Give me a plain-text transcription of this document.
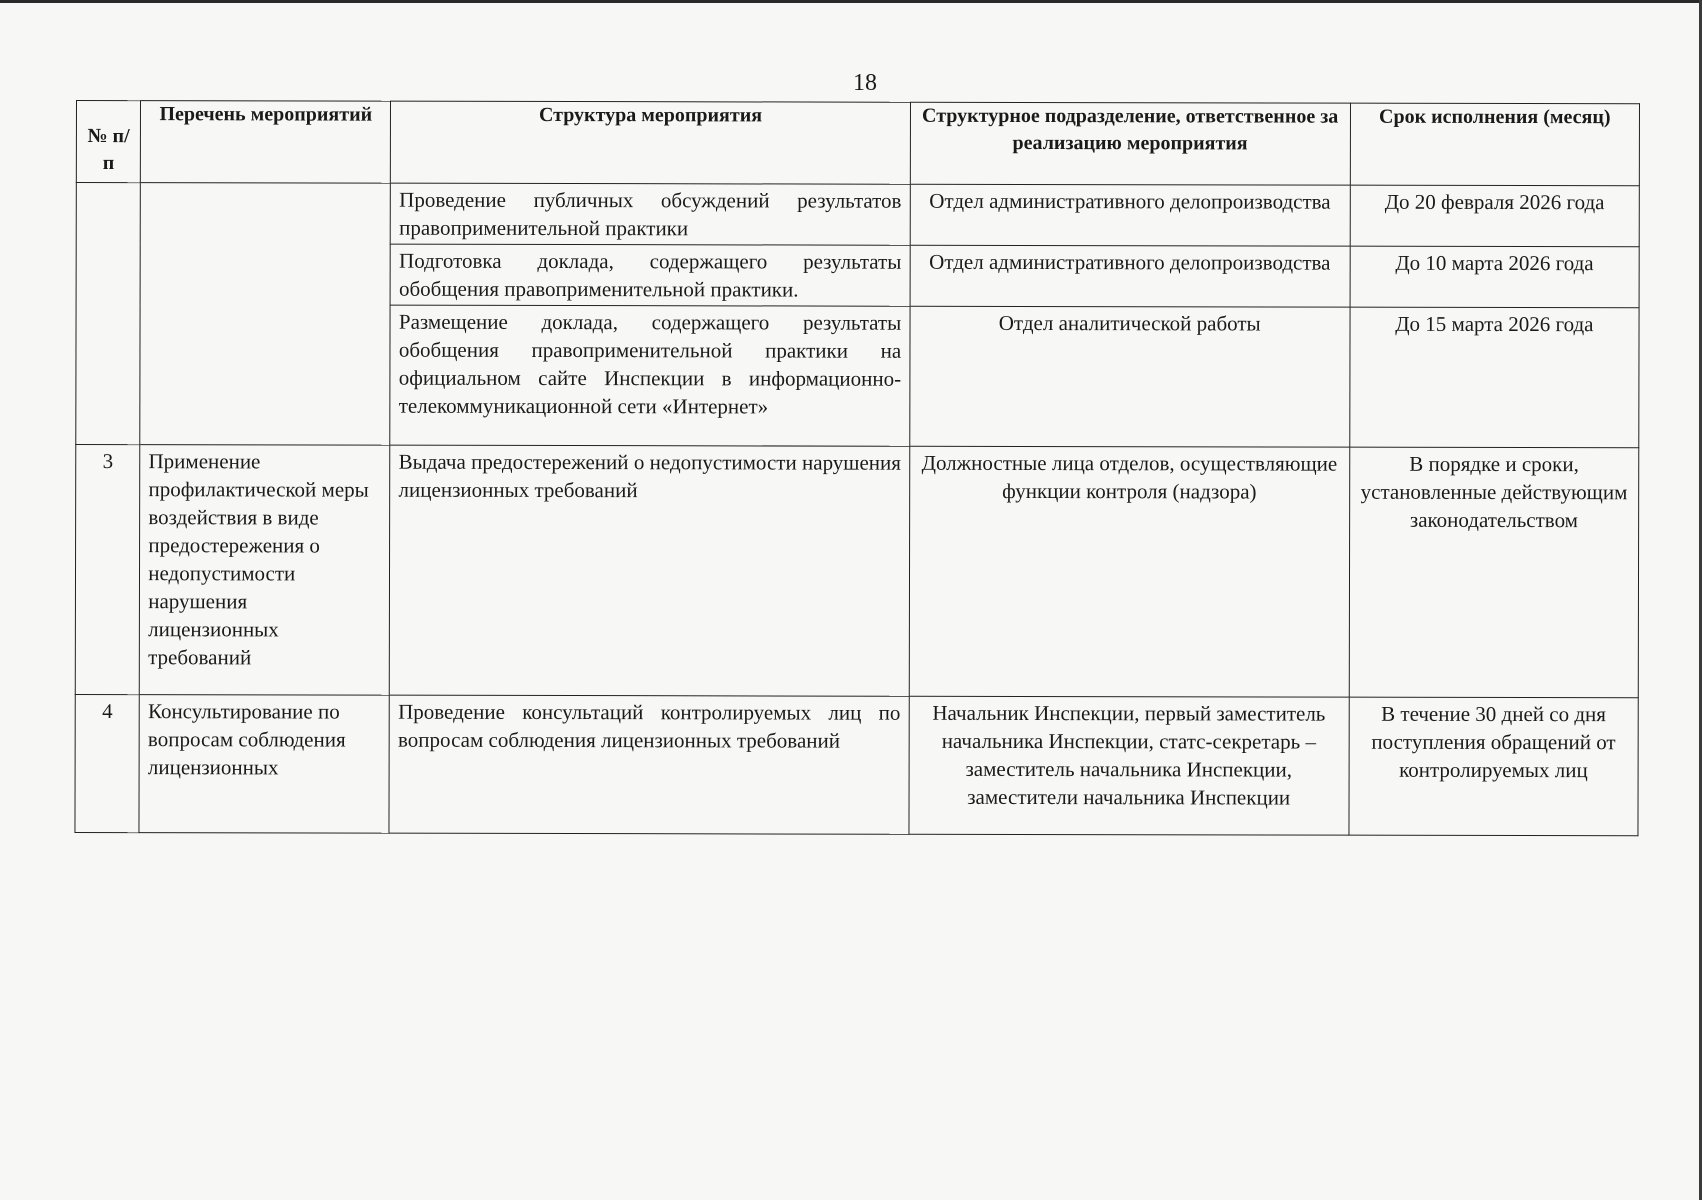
18
№ п/п	Перечень мероприятий	Структура мероприятия	Структурное подразделение, ответственное за реализацию мероприятия	Срок исполнения (месяц)
		Проведение публичных обсуждений результатов правоприменительной практики	Отдел административного делопроизводства	До 20 февраля 2026 года
		Подготовка доклада, содержащего результаты обобщения правоприменительной практики.	Отдел административного делопроизводства	До 10 марта 2026 года
		Размещение доклада, содержащего результаты обобщения правоприменительной практики на официальном сайте Инспекции в информационно-телекоммуникационной сети «Интернет»	Отдел аналитической работы	До 15 марта 2026 года
3	Применение профилактической меры воздействия в виде предостережения о недопустимости нарушения лицензионных требований	Выдача предостережений о недопустимости нарушения лицензионных требований	Должностные лица отделов, осуществляющие функции контроля (надзора)	В порядке и сроки, установленные действующим законодательством
4	Консультирование по вопросам соблюдения лицензионных	Проведение консультаций контролируемых лиц по вопросам соблюдения лицензионных требований	Начальник Инспекции, первый заместитель начальника Инспекции, статс-секретарь – заместитель начальника Инспекции, заместители начальника Инспекции	В течение 30 дней со дня поступления обращений от контролируемых лиц
